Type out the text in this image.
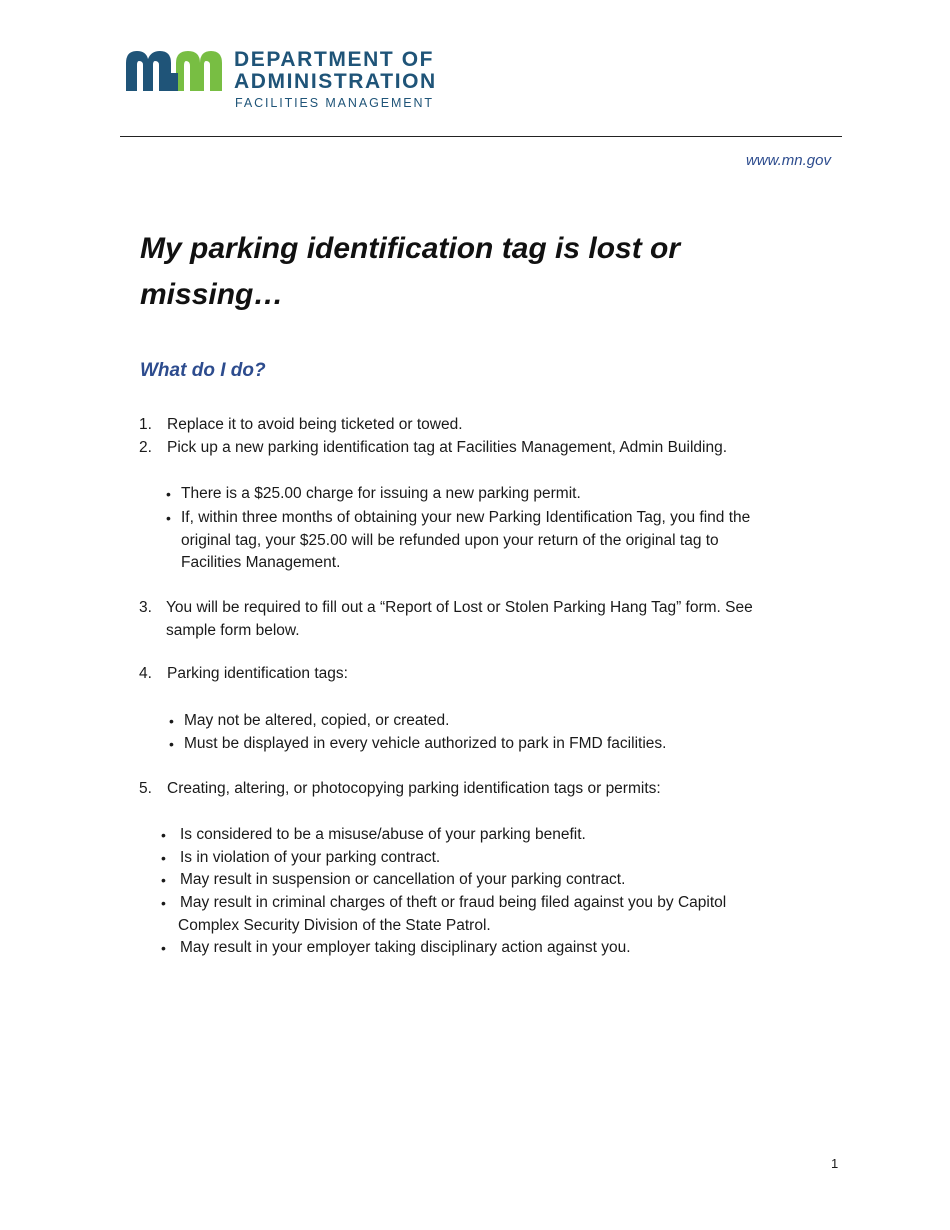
DEPARTMENT OF
ADMINISTRATION
FACILITIES MANAGEMENT
www.mn.gov
My parking identification tag is lost or missing…
What do I do?
1. Replace it to avoid being ticketed or towed.
2. Pick up a new parking identification tag at Facilities Management, Admin Building.
• There is a $25.00 charge for issuing a new parking permit.
• If, within three months of obtaining your new Parking Identification Tag, you find the
original tag, your $25.00 will be refunded upon your return of the original tag to
Facilities Management.
3. You will be required to fill out a “Report of Lost or Stolen Parking Hang Tag” form. See
sample form below.
4. Parking identification tags:
• May not be altered, copied, or created.
• Must be displayed in every vehicle authorized to park in FMD facilities.
5. Creating, altering, or photocopying parking identification tags or permits:
• Is considered to be a misuse/abuse of your parking benefit.
• Is in violation of your parking contract.
• May result in suspension or cancellation of your parking contract.
• May result in criminal charges of theft or fraud being filed against you by Capitol
Complex Security Division of the State Patrol.
• May result in your employer taking disciplinary action against you.
1
